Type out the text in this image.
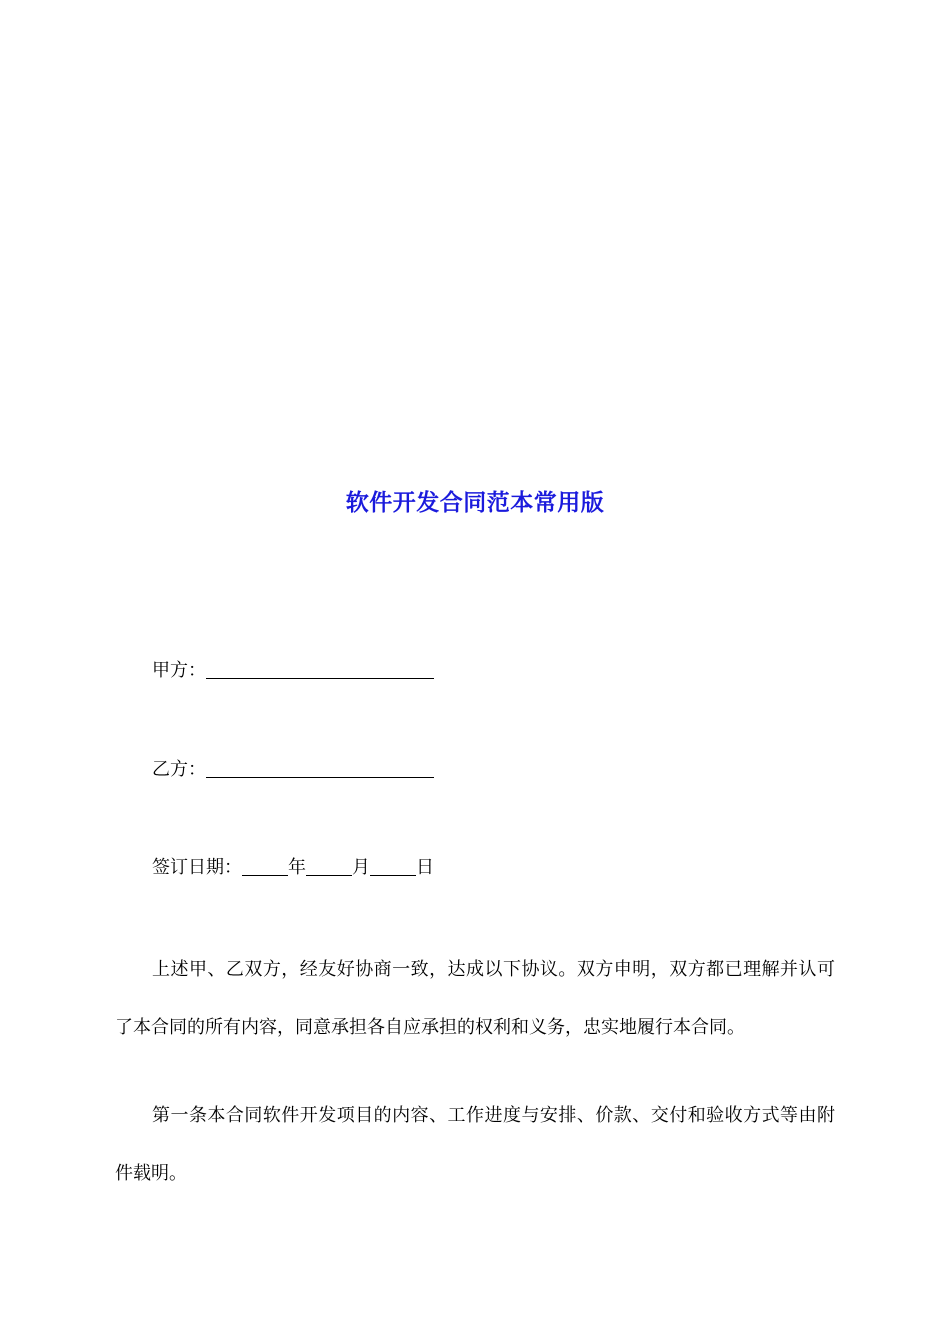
软件开发合同范本常用版
甲方：
乙方：
签订日期：	年	月	日

上述甲、乙双方，经友好协商一致，达成以下协议。双方申明，双方都已理解并认可了本合同的所有内容，同意承担各自应承担的权利和义务，忠实地履行本合同。

第一条本合同软件开发项目的内容、工作进度与安排、价款、交付和验收方式等由附件载明。
